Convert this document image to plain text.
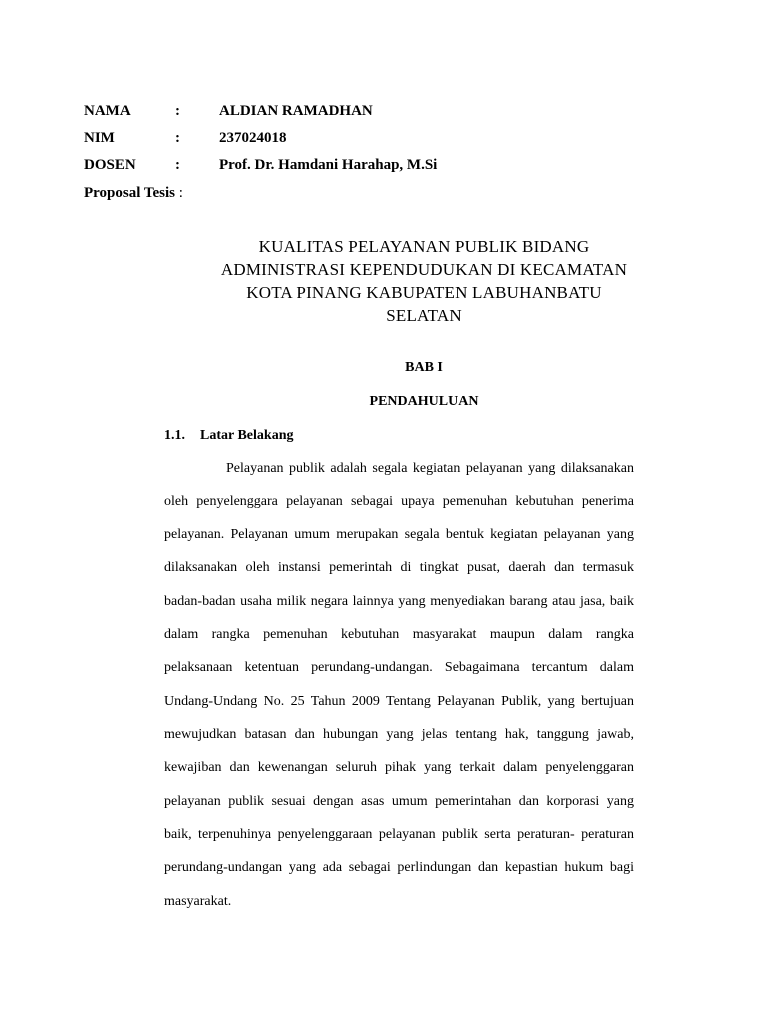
NAMA	:	ALDIAN RAMADHAN
NIM	:	237024018
DOSEN	:	Prof. Dr. Hamdani Harahap, M.Si
Proposal Tesis :
KUALITAS PELAYANAN PUBLIK BIDANG
ADMINISTRASI KEPENDUDUKAN DI KECAMATAN
KOTA PINANG KABUPATEN LABUHANBATU
SELATAN
BAB I
PENDAHULUAN
1.1. Latar Belakang
Pelayanan publik adalah segala kegiatan pelayanan yang dilaksanakan
oleh penyelenggara pelayanan sebagai upaya pemenuhan kebutuhan penerima
pelayanan. Pelayanan umum merupakan segala bentuk kegiatan pelayanan yang
dilaksanakan oleh instansi pemerintah di tingkat pusat, daerah dan termasuk
badan-badan usaha milik negara lainnya yang menyediakan barang atau jasa, baik
dalam rangka pemenuhan kebutuhan masyarakat maupun dalam rangka
pelaksanaan ketentuan perundang-undangan. Sebagaimana tercantum dalam
Undang-Undang No. 25 Tahun 2009 Tentang Pelayanan Publik, yang bertujuan
mewujudkan batasan dan hubungan yang jelas tentang hak, tanggung jawab,
kewajiban dan kewenangan seluruh pihak yang terkait dalam penyelenggaran
pelayanan publik sesuai dengan asas umum pemerintahan dan korporasi yang
baik, terpenuhinya penyelenggaraan pelayanan publik serta peraturan- peraturan
perundang-undangan yang ada sebagai perlindungan dan kepastian hukum bagi
masyarakat.
